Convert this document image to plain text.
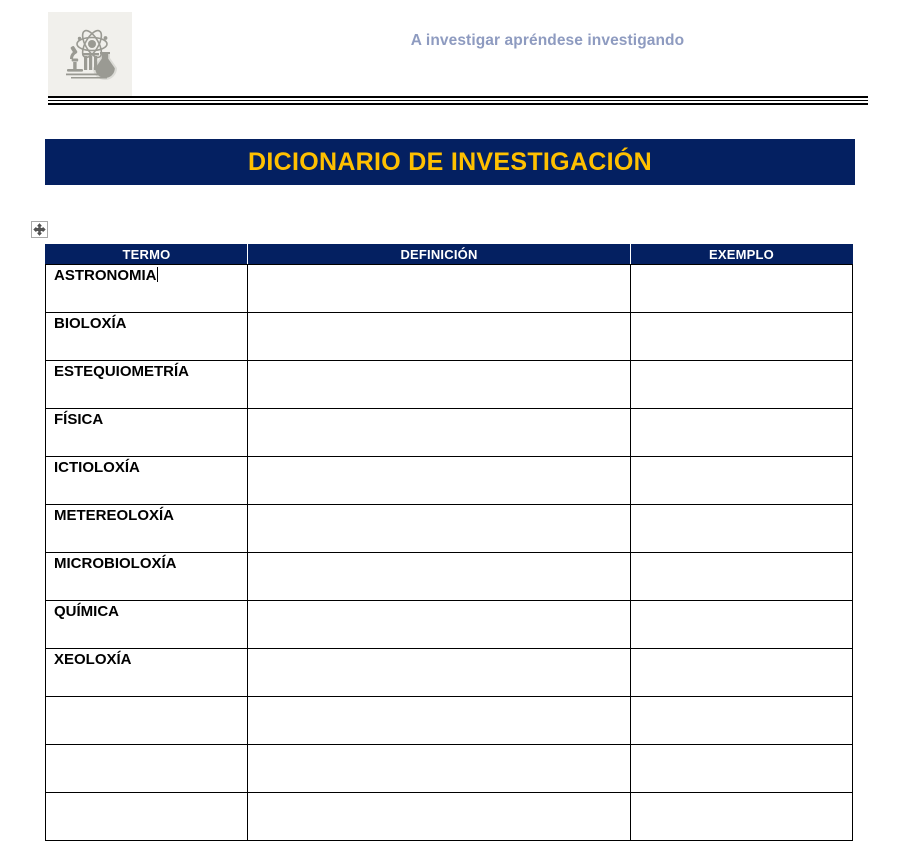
A investigar apréndese investigando
DICIONARIO DE INVESTIGACIÓN
TERMO	DEFINICIÓN	EXEMPLO
ASTRONOMIA		
BIOLOXÍA		
ESTEQUIOMETRÍA		
FÍSICA		
ICTIOLOXÍA		
METEREOLOXÍA		
MICROBIOLOXÍA		
QUÍMICA		
XEOLOXÍA		
